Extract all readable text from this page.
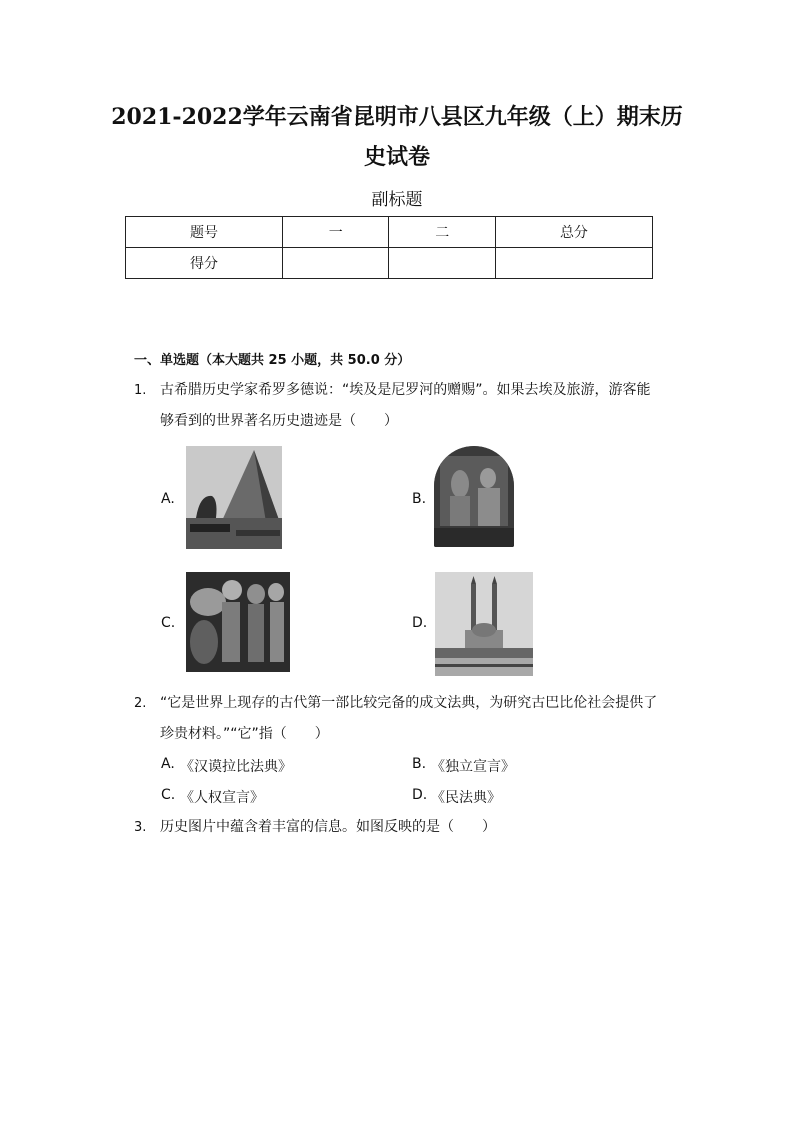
2021-2022学年云南省昆明市八县区九年级（上）期末历
史试卷
副标题
题号	一	二	总分
得分			
一、单选题（本大题共 25 小题，共 50.0 分）
1. 古希腊历史学家希罗多德说：“埃及是尼罗河的赠赐”。如果去埃及旅游，游客能
够看到的世界著名历史遗迹是（　　）
A.	B.
C.	D.
2. “它是世界上现存的古代第一部比较完备的成文法典，为研究古巴比伦社会提供了
珍贵材料。”“它”指（　　）
A. 《汉谟拉比法典》	B. 《独立宣言》
C. 《人权宣言》	D. 《民法典》
3. 历史图片中蕴含着丰富的信息。如图反映的是（　　）
